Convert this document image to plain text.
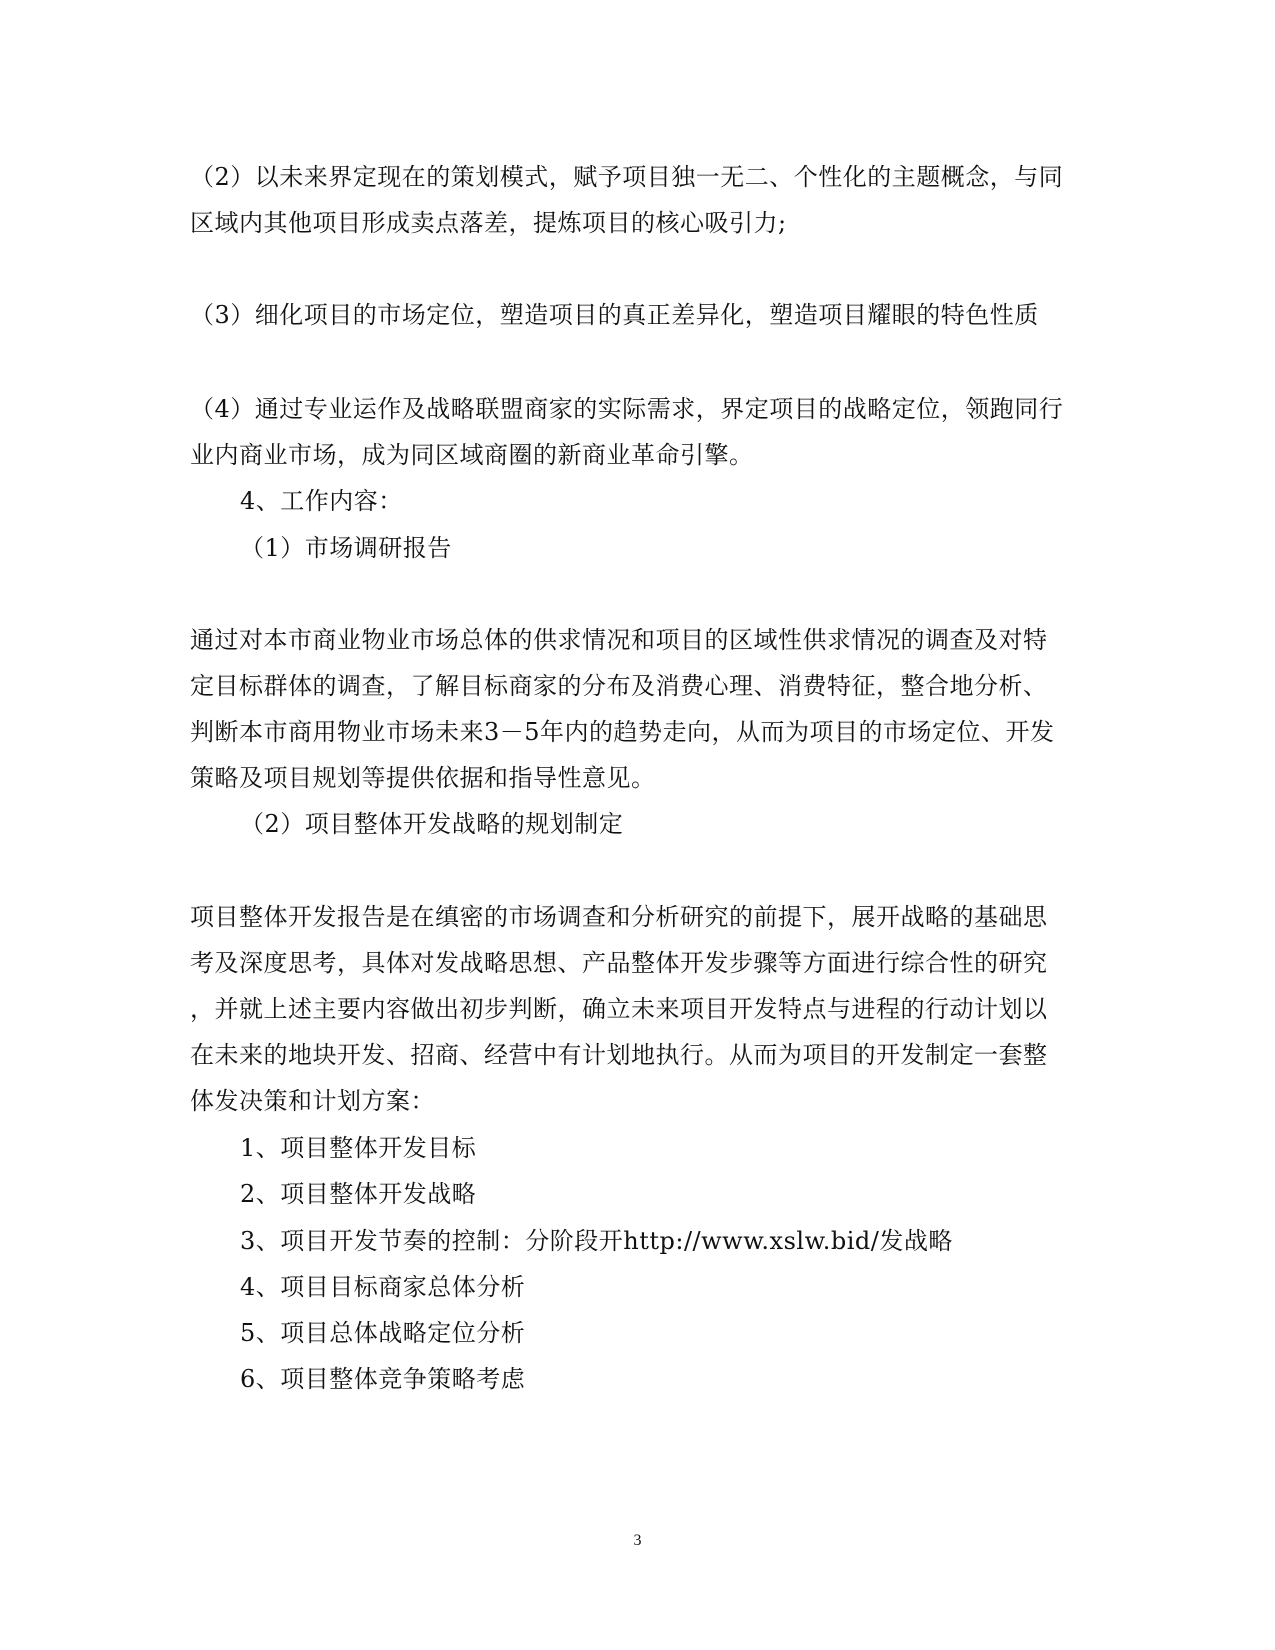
（2）以未来界定现在的策划模式，赋予项目独一无二、个性化的主题概念，与同
区域内其他项目形成卖点落差，提炼项目的核心吸引力;
（3）细化项目的市场定位，塑造项目的真正差异化，塑造项目耀眼的特色性质
（4）通过专业运作及战略联盟商家的实际需求，界定项目的战略定位，领跑同行
业内商业市场，成为同区域商圈的新商业革命引擎。
4、工作内容：
（1）市场调研报告
通过对本市商业物业市场总体的供求情况和项目的区域性供求情况的调查及对特
定目标群体的调查，了解目标商家的分布及消费心理、消费特征，整合地分析、
判断本市商用物业市场未来3－5年内的趋势走向，从而为项目的市场定位、开发
策略及项目规划等提供依据和指导性意见。
（2）项目整体开发战略的规划制定
项目整体开发报告是在缜密的市场调查和分析研究的前提下，展开战略的基础思
考及深度思考，具体对发战略思想、产品整体开发步骤等方面进行综合性的研究
，并就上述主要内容做出初步判断，确立未来项目开发特点与进程的行动计划以
在未来的地块开发、招商、经营中有计划地执行。从而为项目的开发制定一套整
体发决策和计划方案：
1、项目整体开发目标
2、项目整体开发战略
3、项目开发节奏的控制：分阶段开http://www.xslw.bid/发战略
4、项目目标商家总体分析
5、项目总体战略定位分析
6、项目整体竞争策略考虑
3
